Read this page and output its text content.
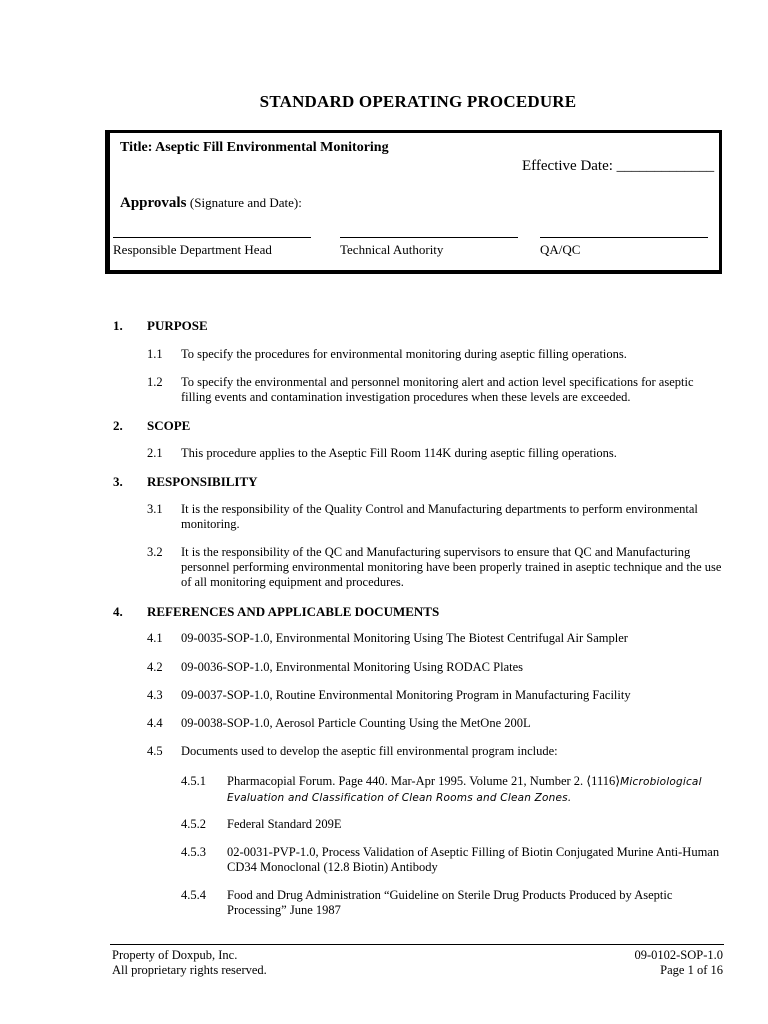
STANDARD OPERATING PROCEDURE
Title: Aseptic Fill Environmental Monitoring
Effective Date: _____________
Approvals (Signature and Date):
Responsible Department Head	Technical Authority	QA/QC
1. PURPOSE
1.1 To specify the procedures for environmental monitoring during aseptic filling operations.
1.2 To specify the environmental and personnel monitoring alert and action level specifications for aseptic filling events and contamination investigation procedures when these levels are exceeded.
2. SCOPE
2.1 This procedure applies to the Aseptic Fill Room 114K during aseptic filling operations.
3. RESPONSIBILITY
3.1 It is the responsibility of the Quality Control and Manufacturing departments to perform environmental monitoring.
3.2 It is the responsibility of the QC and Manufacturing supervisors to ensure that QC and Manufacturing personnel performing environmental monitoring have been properly trained in aseptic technique and the use of all monitoring equipment and procedures.
4. REFERENCES AND APPLICABLE DOCUMENTS
4.1 09-0035-SOP-1.0, Environmental Monitoring Using The Biotest Centrifugal Air Sampler
4.2 09-0036-SOP-1.0, Environmental Monitoring Using RODAC Plates
4.3 09-0037-SOP-1.0, Routine Environmental Monitoring Program in Manufacturing Facility
4.4 09-0038-SOP-1.0, Aerosol Particle Counting Using the MetOne 200L
4.5 Documents used to develop the aseptic fill environmental program include:
4.5.1 Pharmacopial Forum. Page 440. Mar-Apr 1995. Volume 21, Number 2. ⟨1116⟩Microbiological Evaluation and Classification of Clean Rooms and Clean Zones.
4.5.2 Federal Standard 209E
4.5.3 02-0031-PVP-1.0, Process Validation of Aseptic Filling of Biotin Conjugated Murine Anti-Human CD34 Monoclonal (12.8 Biotin) Antibody
4.5.4 Food and Drug Administration “Guideline on Sterile Drug Products Produced by Aseptic Processing” June 1987
Property of Doxpub, Inc.
All proprietary rights reserved.
09-0102-SOP-1.0
Page 1 of 16
